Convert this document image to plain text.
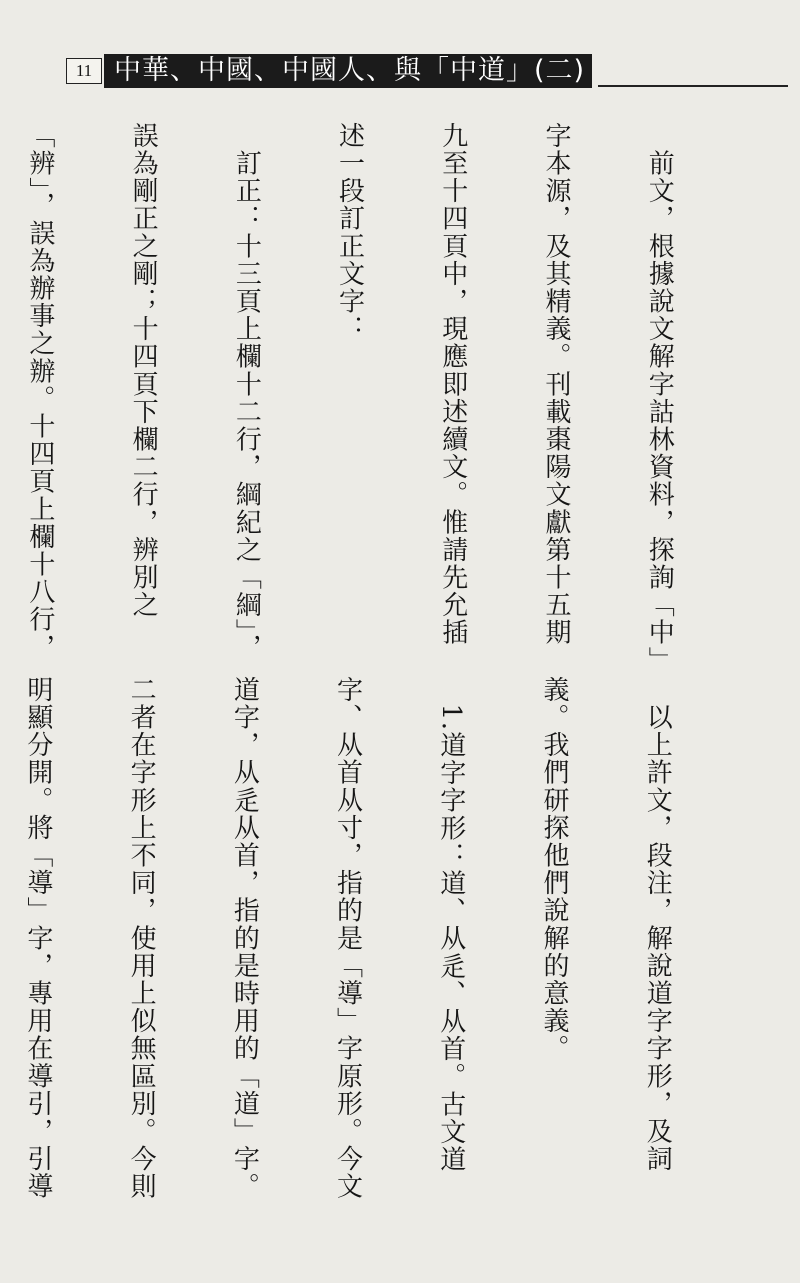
11 中華、中國、中國人、與「中道」(二)

　前文，根據說文解字詁林資料，探詢「中」

字本源，及其精義。刊載棗陽文獻第十五期

九至十四頁中，現應即述續文。惟請先允插

述一段訂正文字：

　訂正：十三頁上欄十二行，綱紀之「綱」，

誤為剛正之剛；十四頁下欄二行，辨別之

「辨」，誤為辦事之辦。十四頁上欄十八行，

　以上許文，段注，解說道字字形，及詞

義。我們研探他們說解的意義。

　1.道字字形：道、从辵、从首。古文道

字、从首从寸，指的是「導」字原形。今文

道字，从辵从首，指的是時用的「道」字。

二者在字形上不同，使用上似無區別。今則

明顯分開。將「導」字，專用在導引，引導
